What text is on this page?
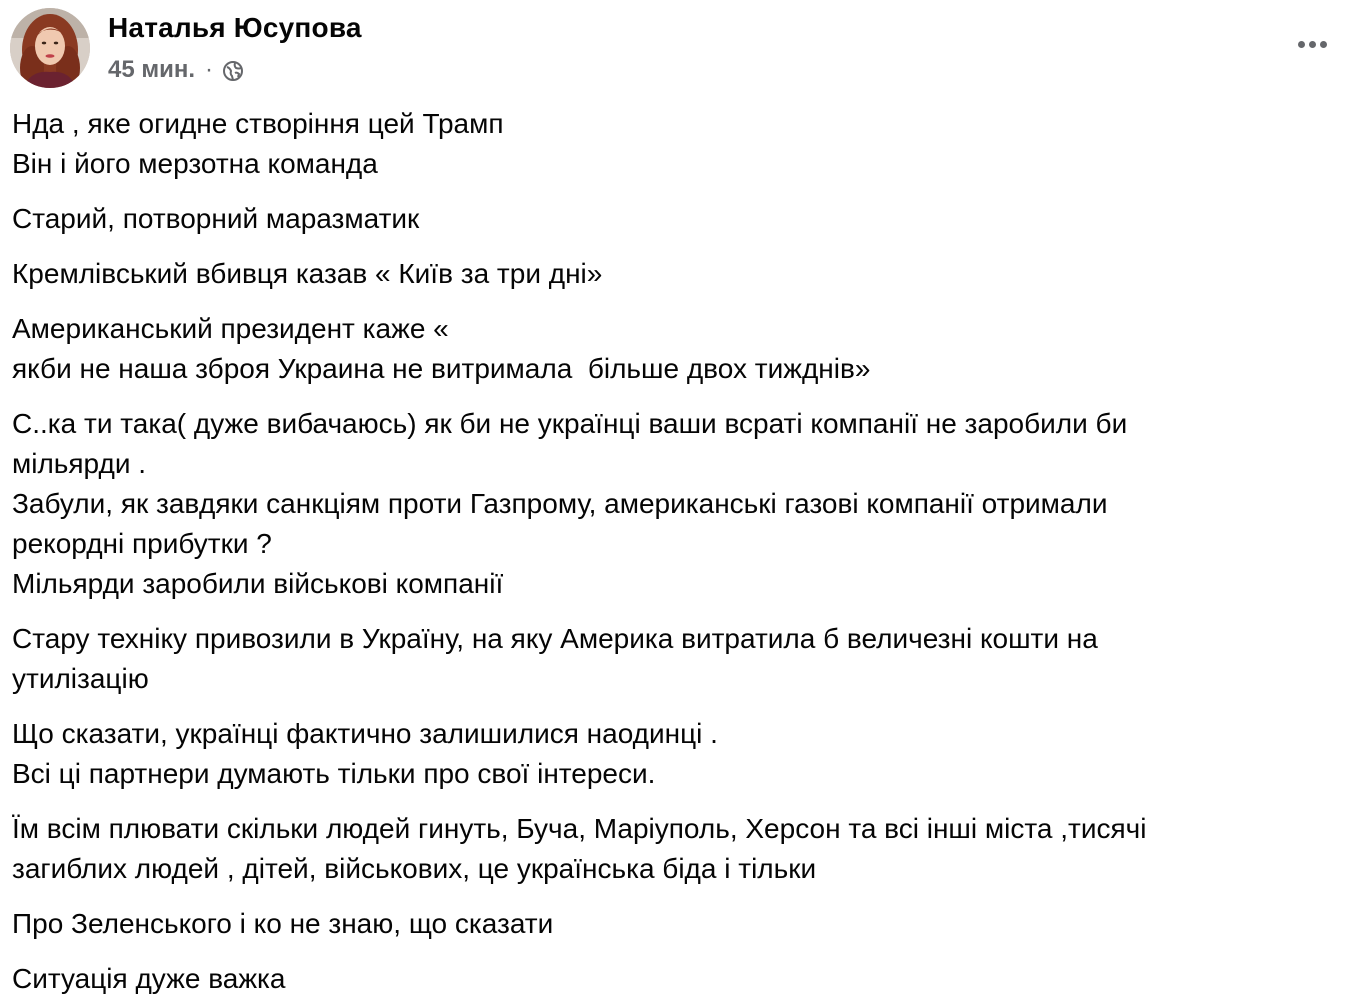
Наталья Юсупова
45 мин. ·
Нда , яке огидне створіння цей Трамп
Він і його мерзотна команда
Старий, потворний маразматик
Кремлівський вбивця казав « Київ за три дні»
Американський президент каже «
якби не наша зброя Украина не витримала  більше двох тижднів»
С..ка ти така( дуже вибачаюсь) як би не українці ваши всраті компанії не заробили би
мільярди .
Забули, як завдяки санкціям проти Газпрому, американські газові компанії отримали
рекордні прибутки ?
Мільярди заробили військові компанії
Стару техніку привозили в Україну, на яку Америка витратила б величезні кошти на
утилізацію
Що сказати, українці фактично залишилися наодинці .
Всі ці партнери думають тільки про свої інтереси.
Їм всім плювати скільки людей гинуть, Буча, Маріуполь, Херсон та всі інші міста ,тисячі
загиблих людей , дітей, військових, це українська біда і тільки
Про Зеленського і ко не знаю, що сказати
Ситуація дуже важка
